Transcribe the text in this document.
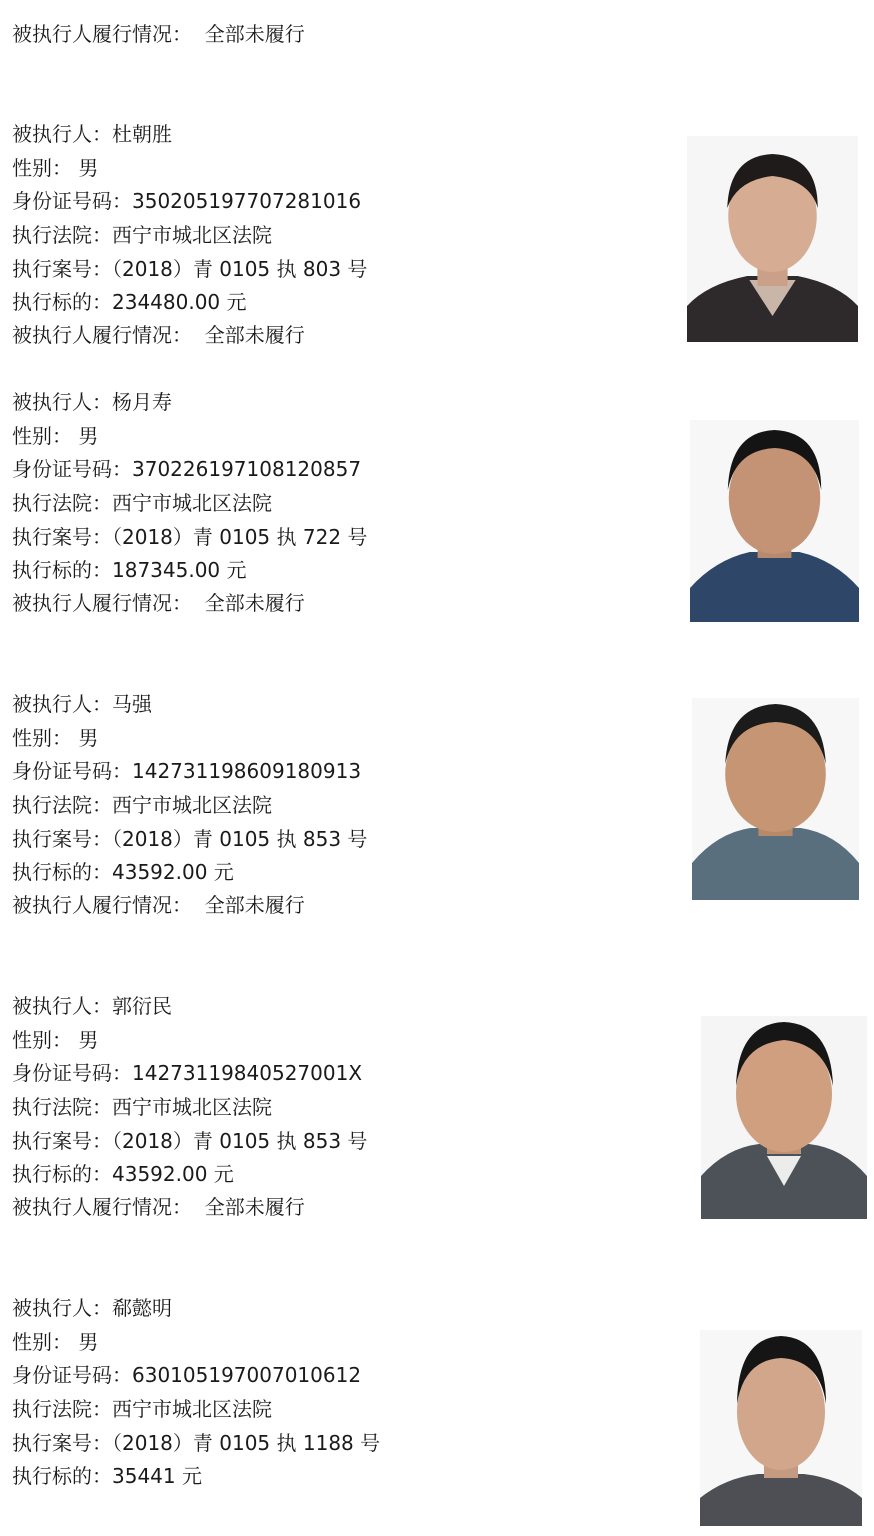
被执行人履行情况： 全部未履行
被执行人：杜朝胜
性别： 男
身份证号码：350205197707281016
执行法院：西宁市城北区法院
执行案号：（2018）青 0105 执 803 号
执行标的：234480.00 元
被执行人履行情况： 全部未履行
被执行人：杨月寿
性别： 男
身份证号码：370226197108120857
执行法院：西宁市城北区法院
执行案号：（2018）青 0105 执 722 号
执行标的：187345.00 元
被执行人履行情况： 全部未履行
被执行人：马强
性别： 男
身份证号码：142731198609180913
执行法院：西宁市城北区法院
执行案号：（2018）青 0105 执 853 号
执行标的：43592.00 元
被执行人履行情况： 全部未履行
被执行人：郭衍民
性别： 男
身份证号码：14273119840527001X
执行法院：西宁市城北区法院
执行案号：（2018）青 0105 执 853 号
执行标的：43592.00 元
被执行人履行情况： 全部未履行
被执行人：郗懿明
性别： 男
身份证号码：630105197007010612
执行法院：西宁市城北区法院
执行案号：（2018）青 0105 执 1188 号
执行标的：35441 元
